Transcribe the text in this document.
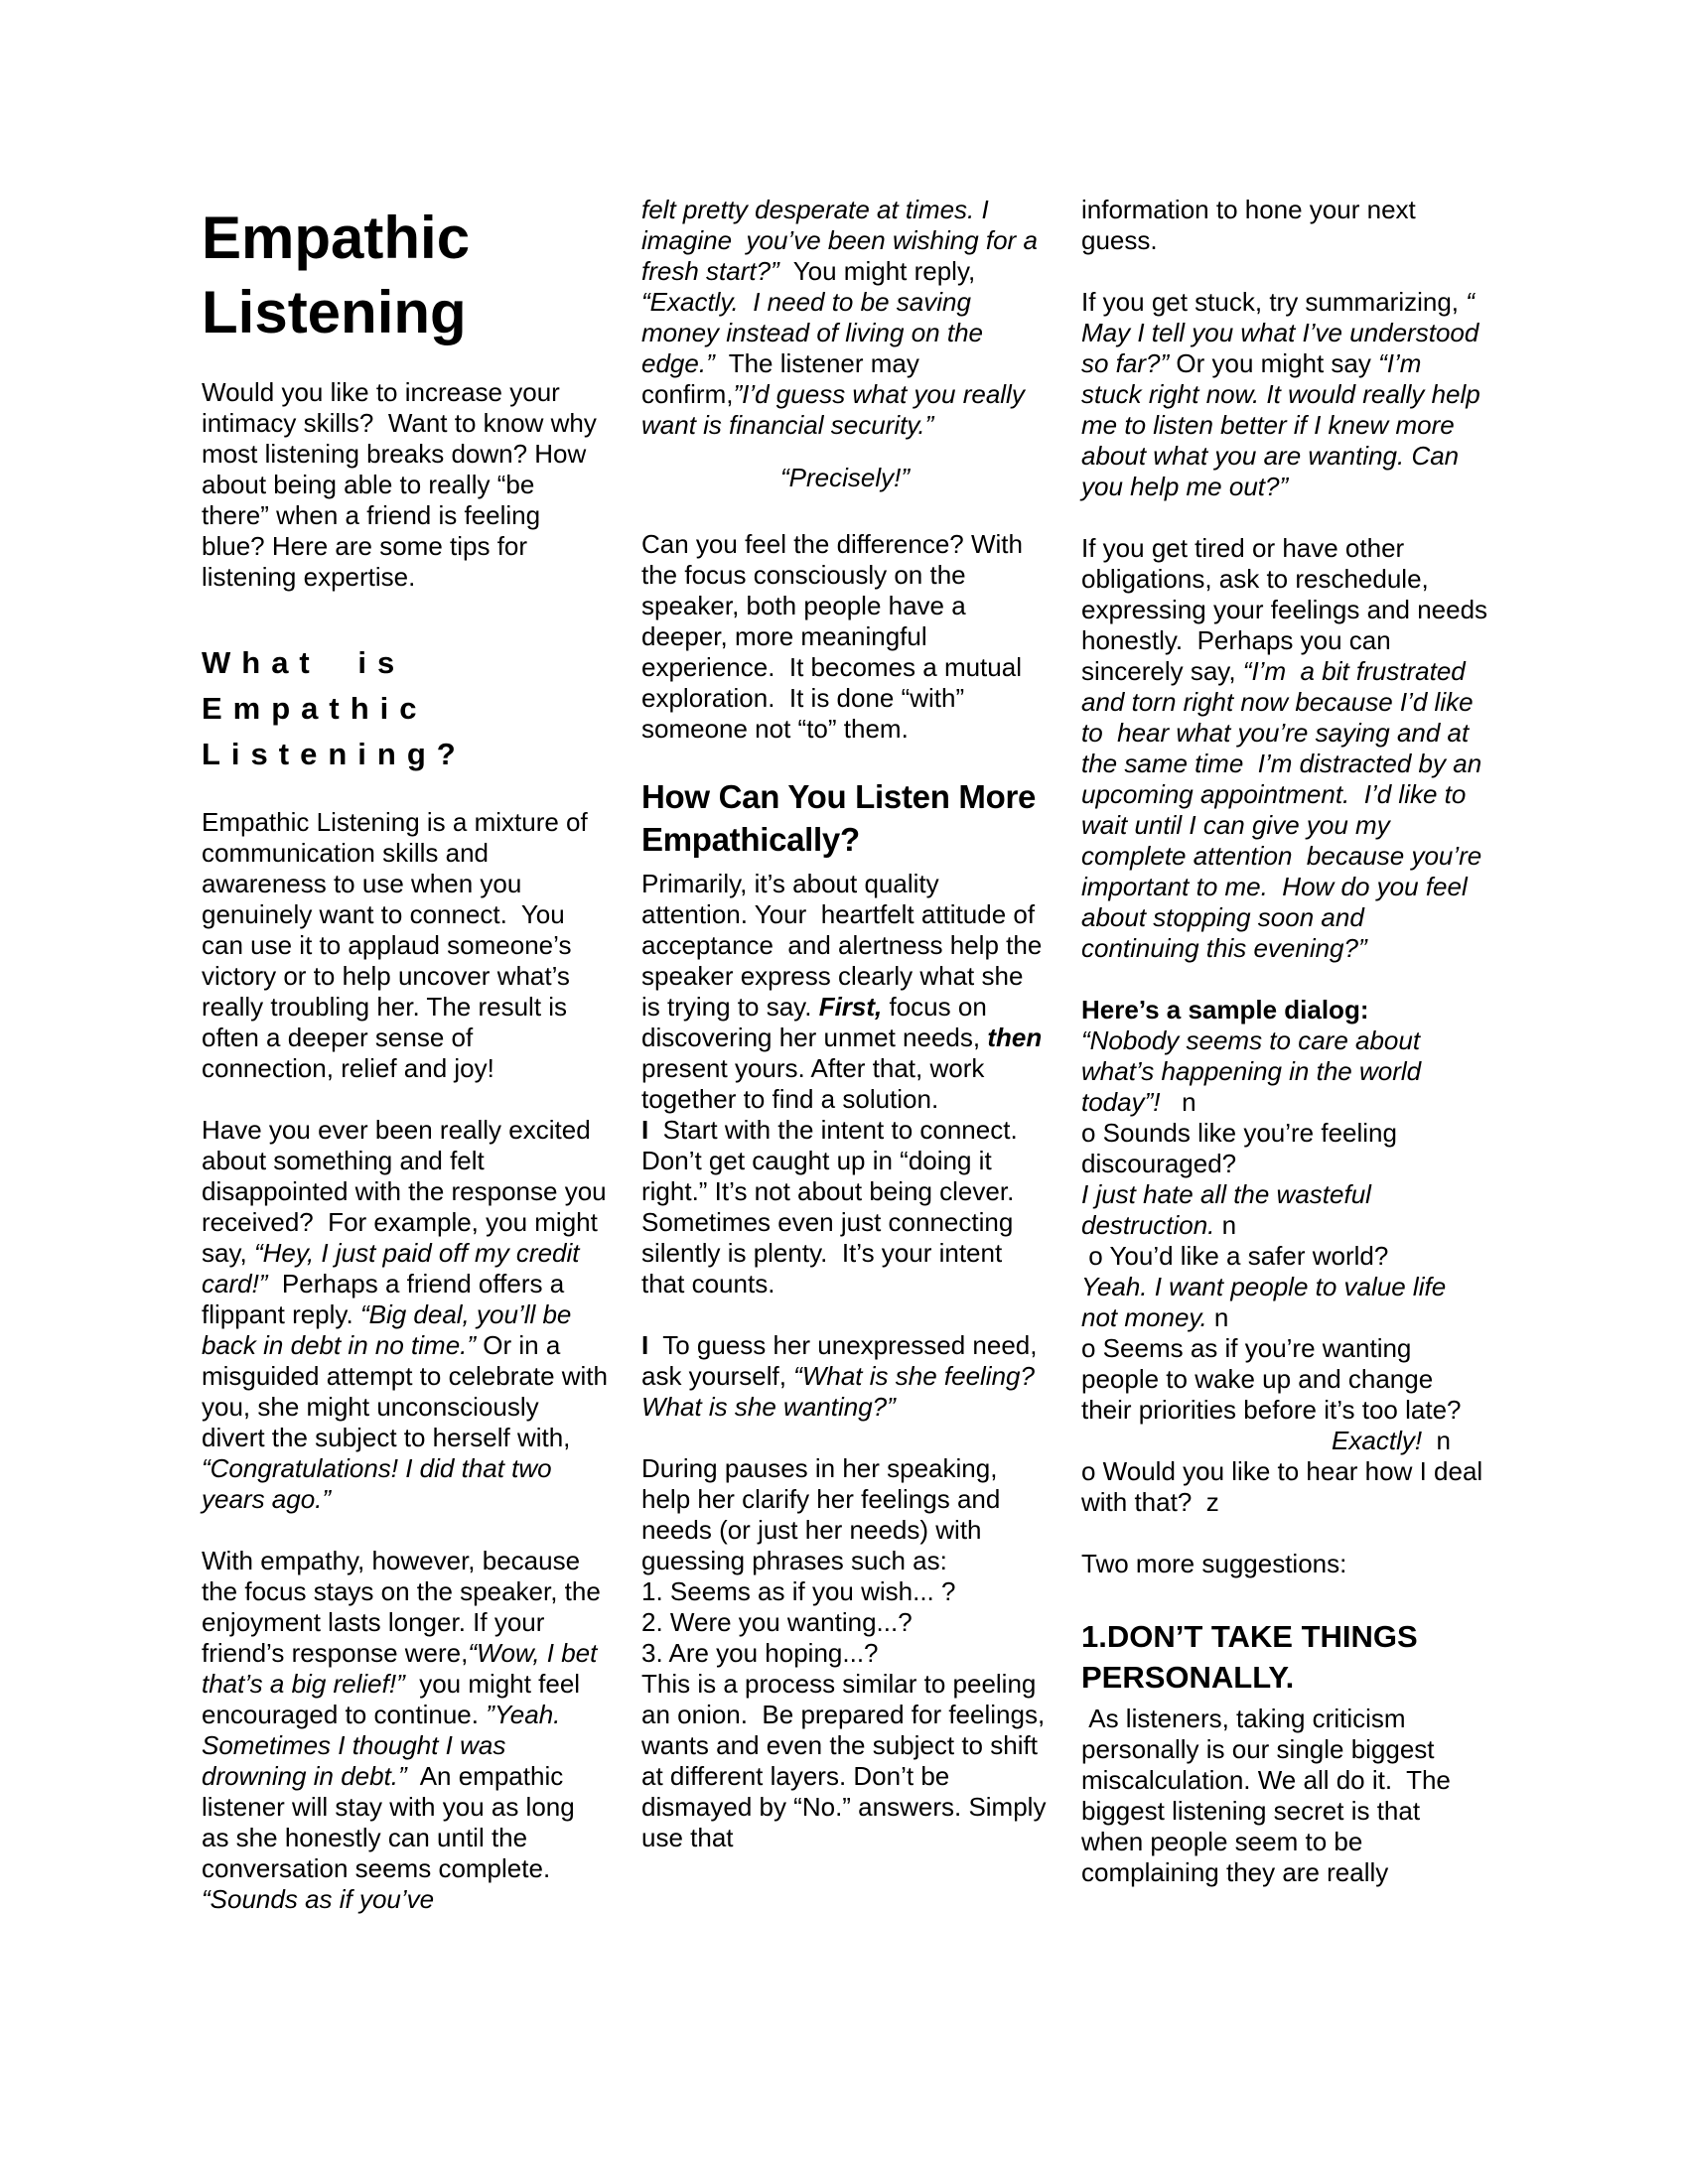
Empathic Listening
Would you like to increase your intimacy skills?  Want to know why most listening breaks down? How about being able to really “be there” when a friend is feeling blue? Here are some tips for listening expertise.
What is Empathic Listening?
Empathic Listening is a mixture of communication skills and awareness to use when you genuinely want to connect.  You can use it to applaud someone’s victory or to help uncover what’s really troubling her. The result is often a deeper sense of connection, relief and joy!
Have you ever been really excited about something and felt disappointed with the response you received?  For example, you might say, “Hey, I just paid off my credit card!”  Perhaps a friend offers a flippant reply. “Big deal, you’ll be back in debt in no time.” Or in a misguided attempt to celebrate with you, she might unconsciously divert the subject to herself with, “Congratulations! I did that two years ago.”
With empathy, however, because the focus stays on the speaker, the enjoyment lasts longer. If your friend’s response were,“Wow, I bet that’s a big relief!”  you might feel encouraged to continue. ”Yeah. Sometimes I thought I was drowning in debt.”  An empathic listener will stay with you as long as she honestly can until the conversation seems complete. “Sounds as if you’ve
felt pretty desperate at times. I imagine  you’ve been wishing for a fresh start?”  You might reply, “Exactly.  I need to be saving money instead of living on the edge.”  The listener may confirm,”I’d guess what you really want is financial security.”
“Precisely!”
Can you feel the difference? With the focus consciously on the speaker, both people have a deeper, more meaningful experience.  It becomes a mutual exploration.  It is done “with” someone not “to” them.
How Can You Listen More Empathically?
Primarily, it’s about quality attention. Your  heartfelt attitude of acceptance  and alertness help the speaker express clearly what she is trying to say. First, focus on discovering her unmet needs, then  present yours. After that, work together to find a solution.
I  Start with the intent to connect. Don’t get caught up in “doing it right.” It’s not about being clever. Sometimes even just connecting silently is plenty.  It’s your intent that counts.
I  To guess her unexpressed need, ask yourself, “What is she feeling? What is she wanting?”
During pauses in her speaking, help her clarify her feelings and needs (or just her needs) with guessing phrases such as:
1. Seems as if you wish... ?
2. Were you wanting...?
3. Are you hoping...?
This is a process similar to peeling an onion.  Be prepared for feelings, wants and even the subject to shift at different layers. Don’t be dismayed by “No.” answers. Simply use that
information to hone your next guess.
If you get stuck, try summarizing, “ May I tell you what I’ve understood so far?” Or you might say “I’m stuck right now. It would really help me to listen better if I knew more about what you are wanting. Can you help me out?”
If you get tired or have other obligations, ask to reschedule, expressing your feelings and needs honestly.  Perhaps you can sincerely say, “I’m  a bit frustrated  and torn right now because I’d like to  hear what you’re saying and at the same time  I’m distracted by an upcoming appointment.  I’d like to wait until I can give you my complete attention  because you’re important to me.  How do you feel about stopping soon and continuing this evening?”
Here’s a sample dialog:
“Nobody seems to care about what’s happening in the world today”!   n
o Sounds like you’re feeling discouraged?
I just hate all the wasteful destruction. n
o You’d like a safer world?
Yeah. I want people to value life not money. n
o Seems as if you’re wanting people to wake up and change their priorities before it’s too late?
Exactly!  n
o Would you like to hear how I deal with that?  z
Two more suggestions:
1.DON’T TAKE THINGS PERSONALLY.
As listeners, taking criticism personally is our single biggest miscalculation. We all do it.  The biggest listening secret is that when people seem to be complaining they are really
